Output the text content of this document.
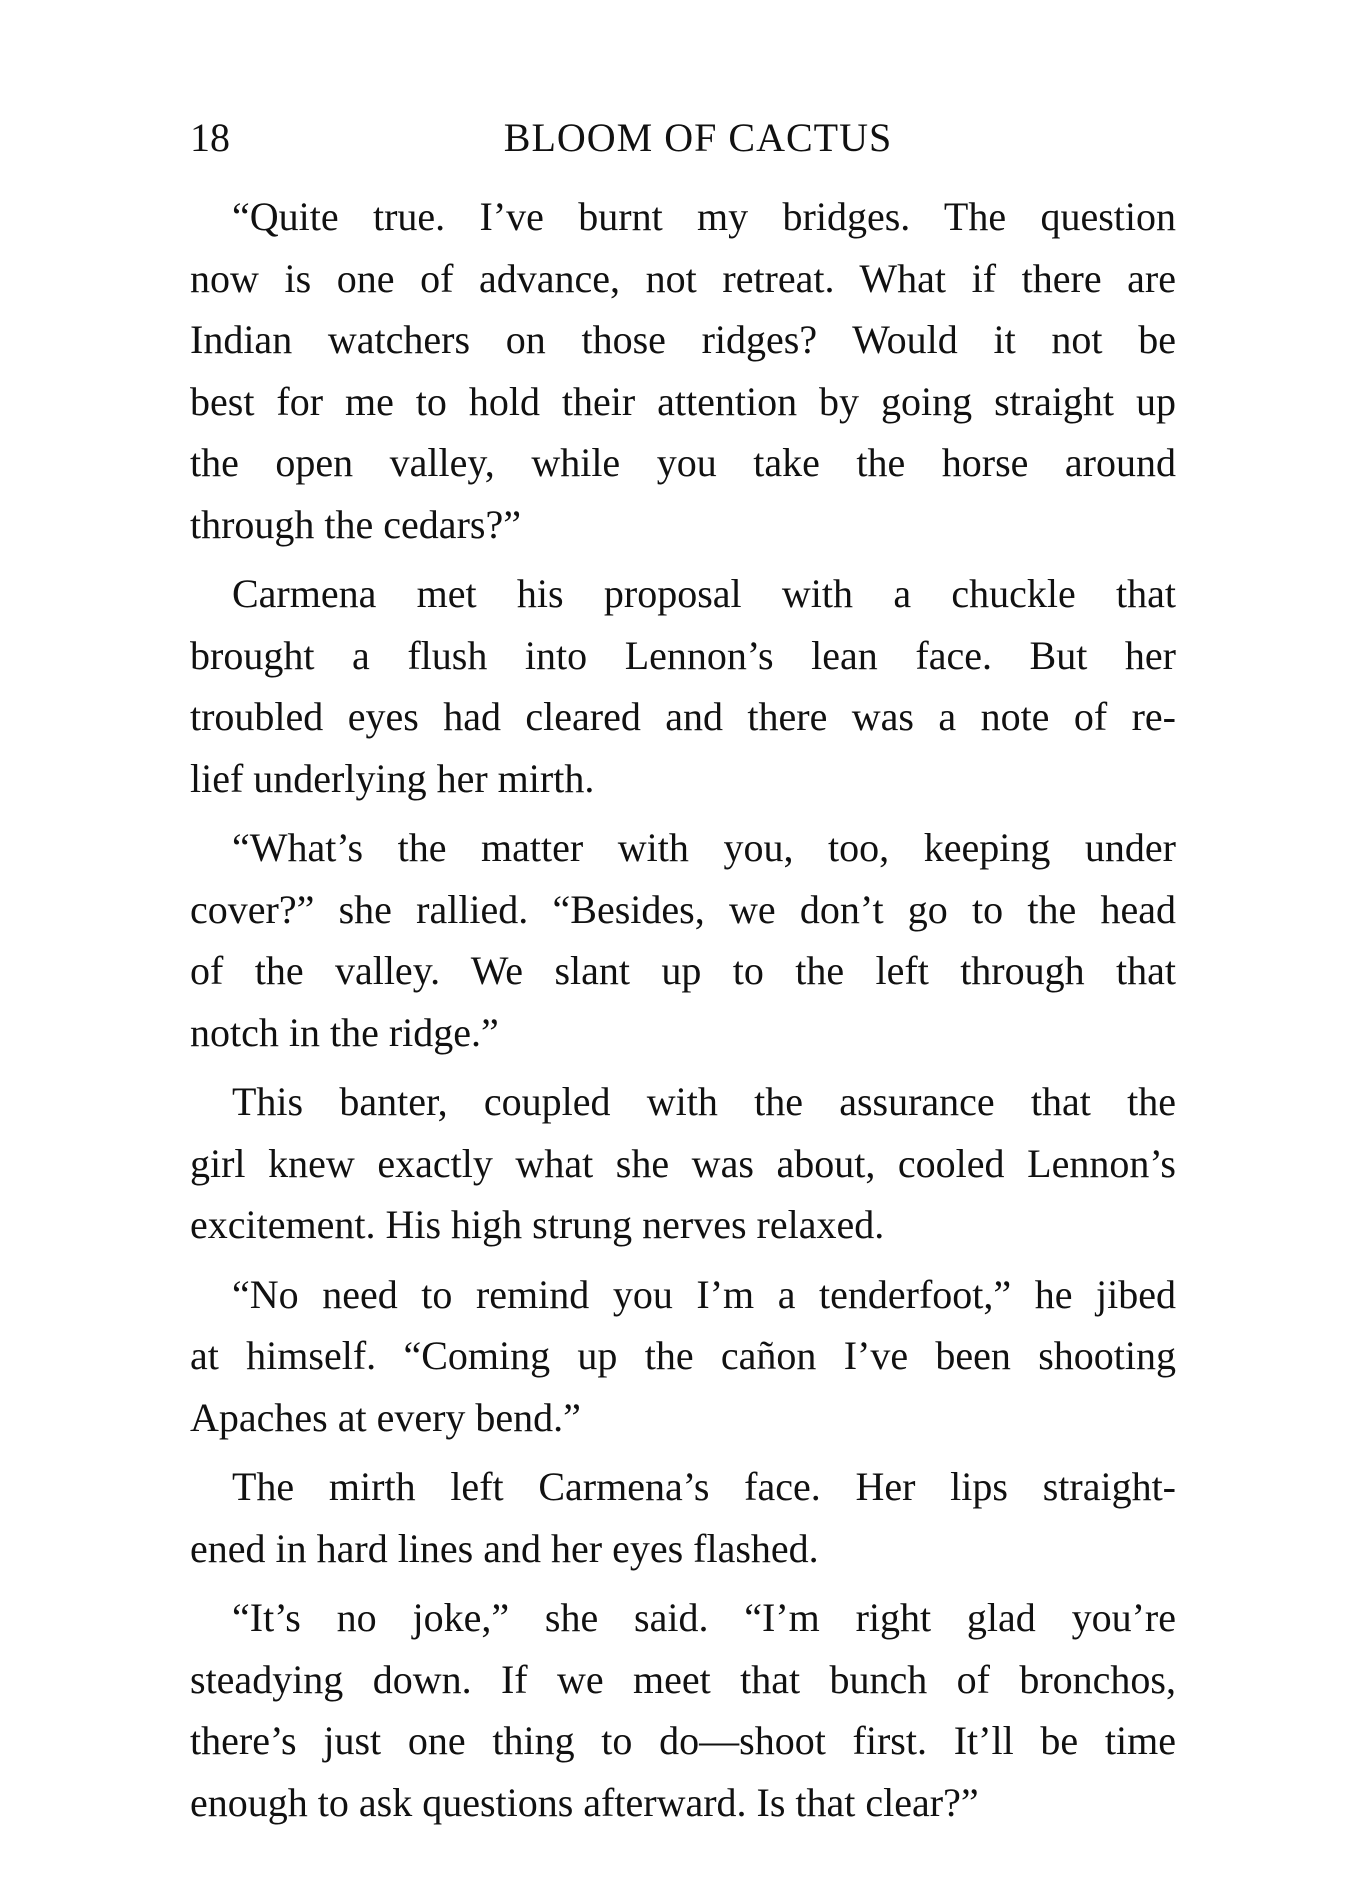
18	BLOOM OF CACTUS
“Quite true. I’ve burnt my bridges. The question
now is one of advance, not retreat. What if there are
Indian watchers on those ridges? Would it not be
best for me to hold their attention by going straight up
the open valley, while you take the horse around
through the cedars?”
Carmena met his proposal with a chuckle that
brought a flush into Lennon’s lean face. But her
troubled eyes had cleared and there was a note of re-
lief underlying her mirth.
“What’s the matter with you, too, keeping under
cover?” she rallied. “Besides, we don’t go to the head
of the valley. We slant up to the left through that
notch in the ridge.”
This banter, coupled with the assurance that the
girl knew exactly what she was about, cooled Lennon’s
excitement. His high strung nerves relaxed.
“No need to remind you I’m a tenderfoot,” he jibed
at himself. “Coming up the cañon I’ve been shooting
Apaches at every bend.”
The mirth left Carmena’s face. Her lips straight-
ened in hard lines and her eyes flashed.
“It’s no joke,” she said. “I’m right glad you’re
steadying down. If we meet that bunch of bronchos,
there’s just one thing to do—shoot first. It’ll be time
enough to ask questions afterward. Is that clear?”
